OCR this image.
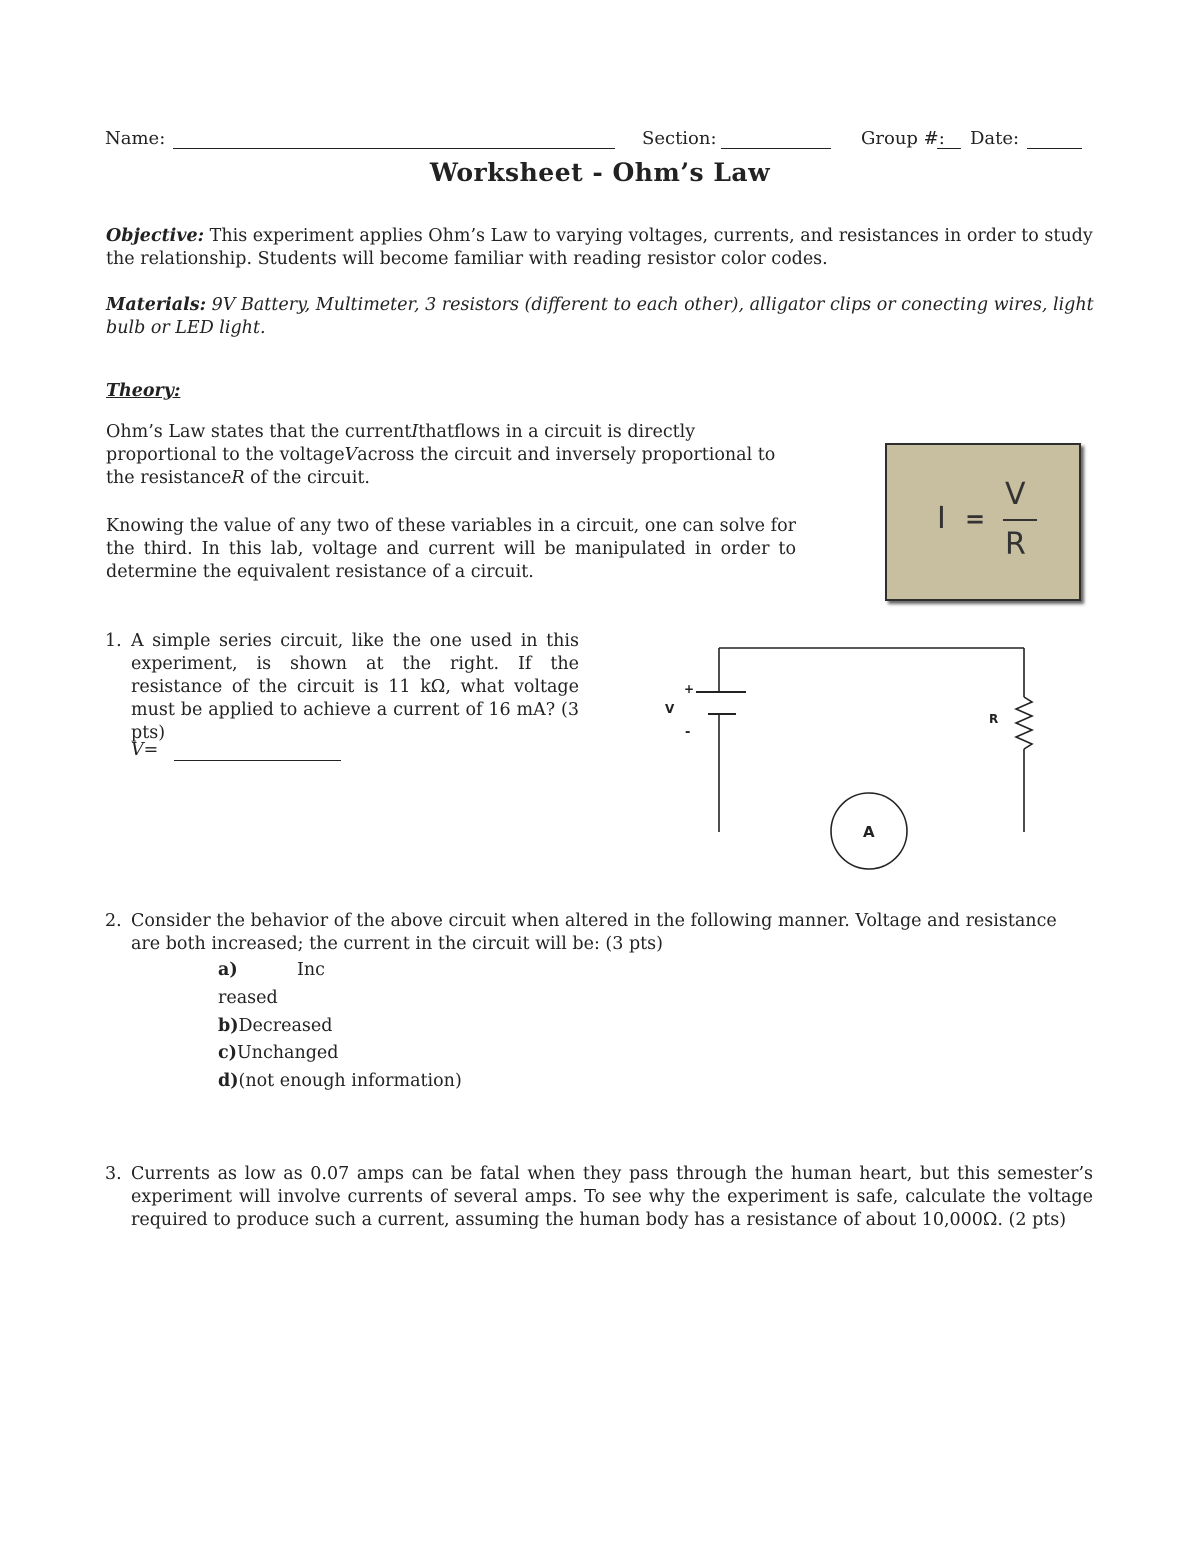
Name:	Section:	Group #: Date:
Worksheet - Ohm’s Law
Objective: This experiment applies Ohm’s Law to varying voltages, currents, and resistances in order to study the relationship. Students will become familiar with reading resistor color codes.
Materials: 9V Battery, Multimeter, 3 resistors (different to each other), alligator clips or conecting wires, light bulb or LED light.
Theory:
Ohm’s Law states that the currentIthatflows in a circuit is directly proportional to the voltageVacross the circuit and inversely proportional to the resistanceR of the circuit.
Knowing the value of any two of these variables in a circuit, one can solve for the third. In this lab, voltage and current will be manipulated in order to determine the equivalent resistance of a circuit.
I =
V
R
1. A simple series circuit, like the one used in this experiment, is shown at the right. If the resistance of the circuit is 11 kΩ, what voltage must be applied to achieve a current of 16 mA? (3 pts)
V=
+
V
-
R
A
2. Consider the behavior of the above circuit when altered in the following manner. Voltage and resistance are both increased; the current in the circuit will be: (3 pts)
a)	Inc
reased
b)Decreased
c)Unchanged
d)(not enough information)
3. Currents as low as 0.07 amps can be fatal when they pass through the human heart, but this semester’s experiment will involve currents of several amps. To see why the experiment is safe, calculate the voltage required to produce such a current, assuming the human body has a resistance of about 10,000Ω. (2 pts)
